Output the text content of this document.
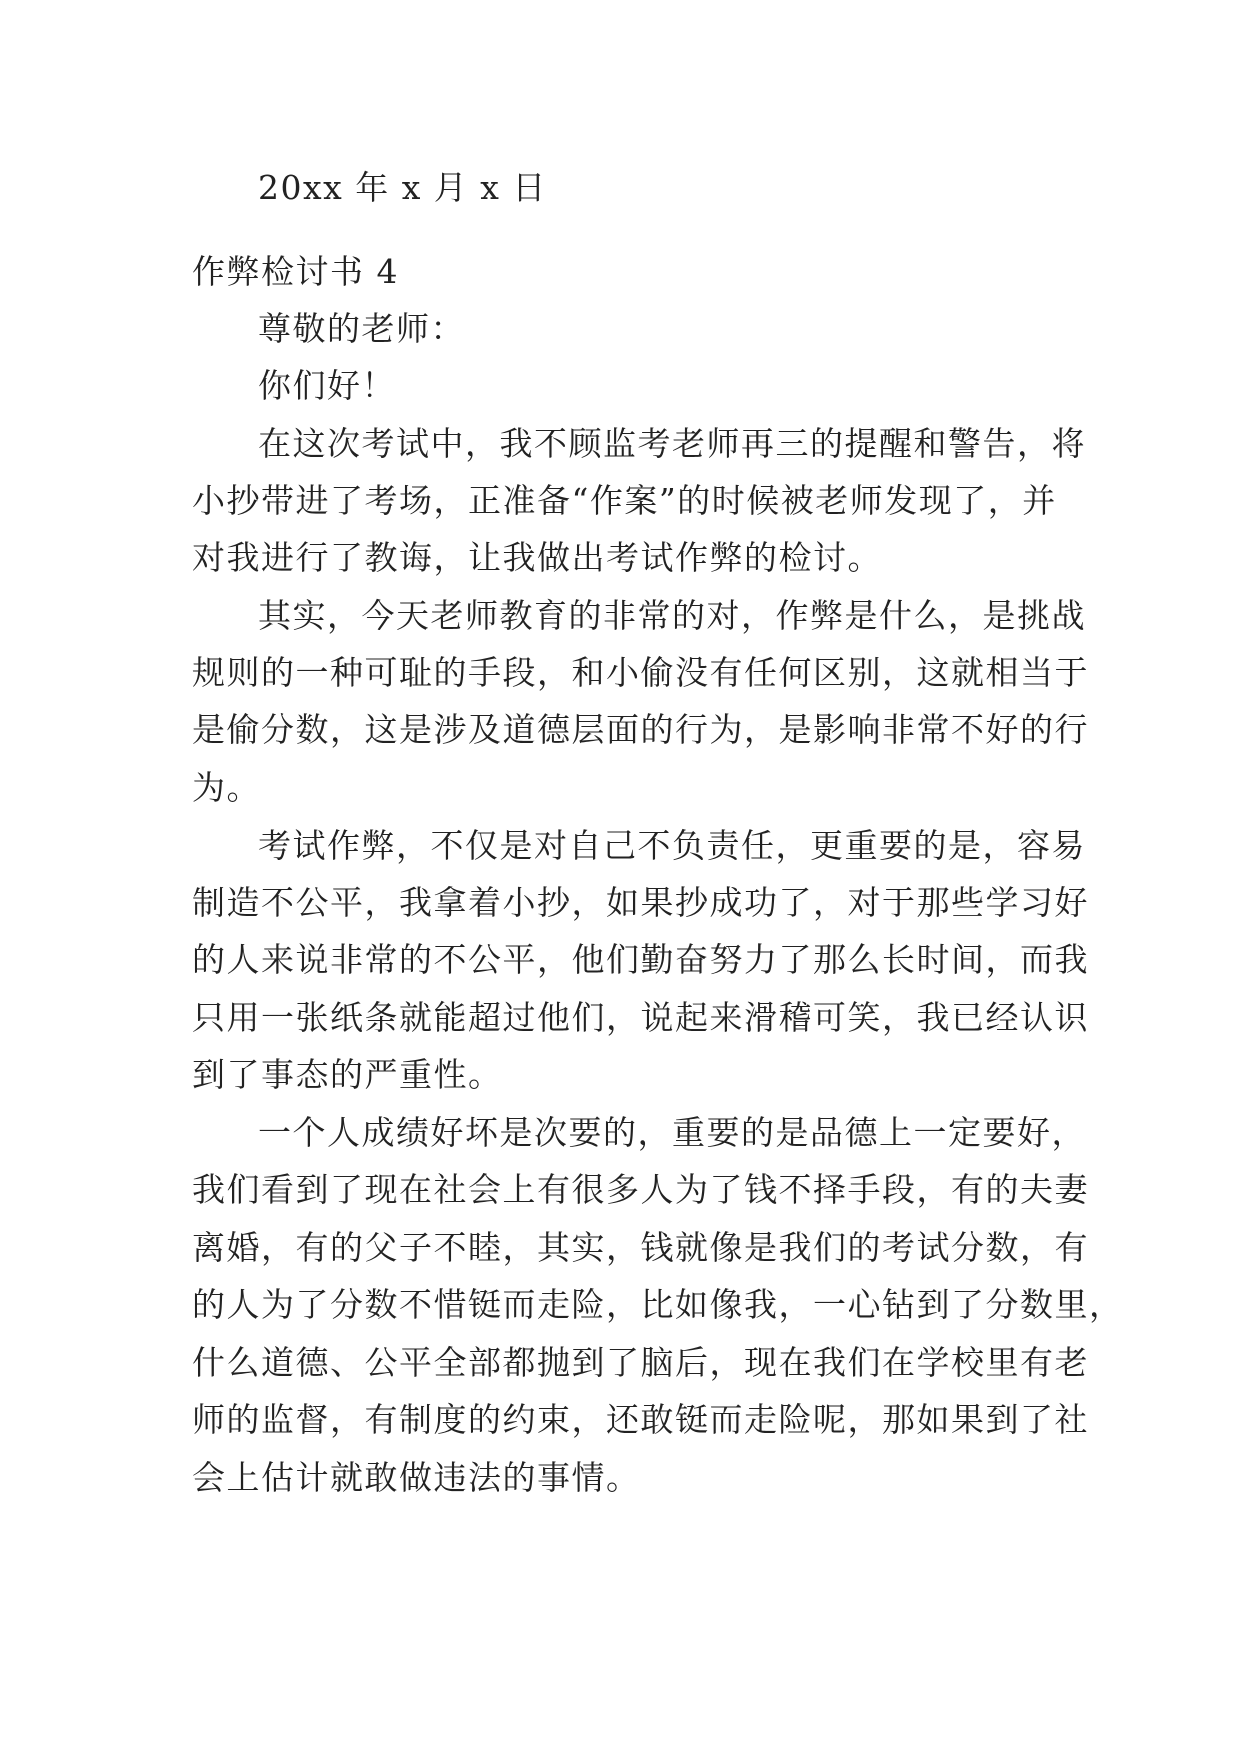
20xx 年 x 月 x 日
作弊检讨书 4
尊敬的老师：
你们好！
在这次考试中，我不顾监考老师再三的提醒和警告，将
小抄带进了考场，正准备“作案”的时候被老师发现了，并
对我进行了教诲，让我做出考试作弊的检讨。
其实，今天老师教育的非常的对，作弊是什么，是挑战
规则的一种可耻的手段，和小偷没有任何区别，这就相当于
是偷分数，这是涉及道德层面的行为，是影响非常不好的行
为。
考试作弊，不仅是对自己不负责任，更重要的是，容易
制造不公平，我拿着小抄，如果抄成功了，对于那些学习好
的人来说非常的不公平，他们勤奋努力了那么长时间，而我
只用一张纸条就能超过他们，说起来滑稽可笑，我已经认识
到了事态的严重性。
一个人成绩好坏是次要的，重要的是品德上一定要好，
我们看到了现在社会上有很多人为了钱不择手段，有的夫妻
离婚，有的父子不睦，其实，钱就像是我们的考试分数，有
的人为了分数不惜铤而走险，比如像我，一心钻到了分数里，
什么道德、公平全部都抛到了脑后，现在我们在学校里有老
师的监督，有制度的约束，还敢铤而走险呢，那如果到了社
会上估计就敢做违法的事情。
